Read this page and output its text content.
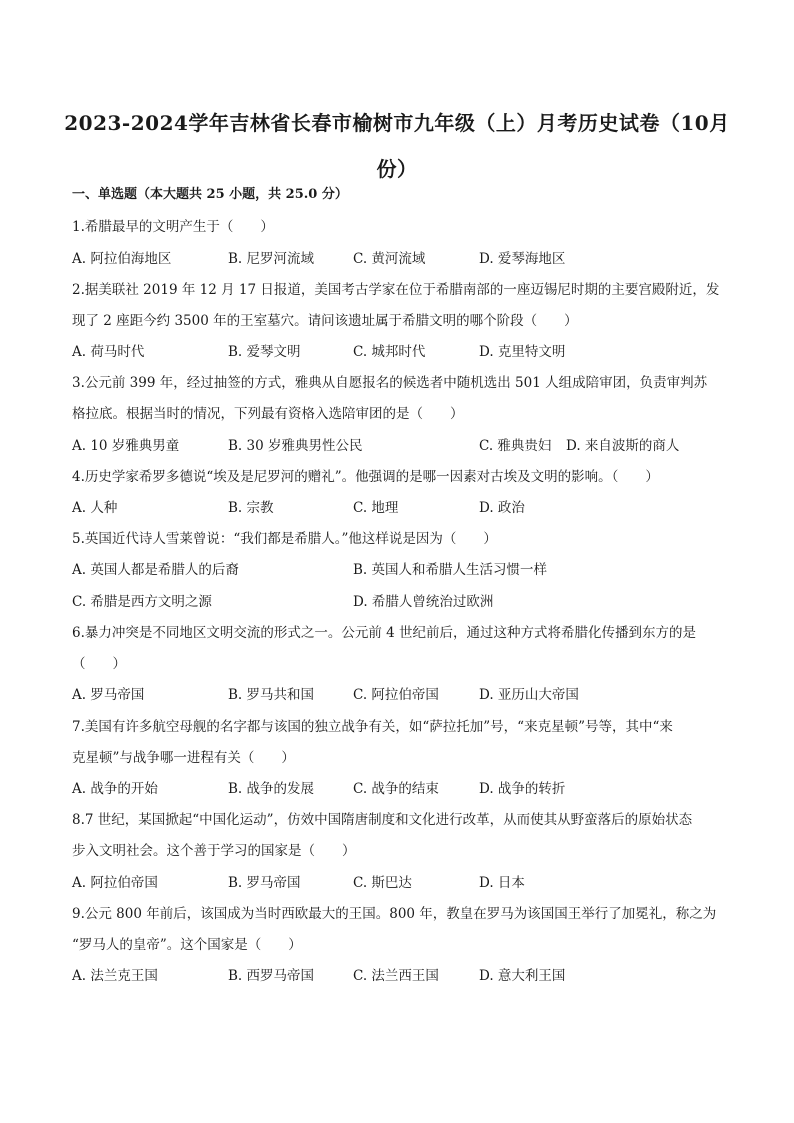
2023-2024学年吉林省长春市榆树市九年级（上）月考历史试卷（10月
份）
一、单选题（本大题共 25 小题，共 25.0 分）
1.希腊最早的文明产生于（　　）
A. 阿拉伯海地区	B. 尼罗河流域	C. 黄河流域	D. 爱琴海地区
2.据美联社 2019 年 12 月 17 日报道，美国考古学家在位于希腊南部的一座迈锡尼时期的主要宫殿附近，发
现了 2 座距今约 3500 年的王室墓穴。请问该遗址属于希腊文明的哪个阶段（　　）
A. 荷马时代	B. 爱琴文明	C. 城邦时代	D. 克里特文明
3.公元前 399 年，经过抽签的方式，雅典从自愿报名的候选者中随机选出 501 人组成陪审团，负责审判苏
格拉底。根据当时的情况，下列最有资格入选陪审团的是（　　）
A. 10 岁雅典男童	B. 30 岁雅典男性公民	C. 雅典贵妇 D. 来自波斯的商人
4.历史学家希罗多德说“埃及是尼罗河的赠礼”。他强调的是哪一因素对古埃及文明的影响。（　　）
A. 人种	B. 宗教	C. 地理	D. 政治
5.英国近代诗人雪莱曾说：“我们都是希腊人。”他这样说是因为（　　）
A. 英国人都是希腊人的后裔	B. 英国人和希腊人生活习惯一样
C. 希腊是西方文明之源	D. 希腊人曾统治过欧洲
6.暴力冲突是不同地区文明交流的形式之一。公元前 4 世纪前后，通过这种方式将希腊化传播到东方的是
（　　）
A. 罗马帝国	B. 罗马共和国	C. 阿拉伯帝国	D. 亚历山大帝国
7.美国有许多航空母舰的名字都与该国的独立战争有关，如“萨拉托加”号，“来克星顿”号等，其中“来
克星顿”与战争哪一进程有关（　　）
A. 战争的开始	B. 战争的发展	C. 战争的结束	D. 战争的转折
8.7 世纪，某国掀起“中国化运动”，仿效中国隋唐制度和文化进行改革，从而使其从野蛮落后的原始状态
步入文明社会。这个善于学习的国家是（　　）
A. 阿拉伯帝国	B. 罗马帝国	C. 斯巴达	D. 日本
9.公元 800 年前后，该国成为当时西欧最大的王国。800 年，教皇在罗马为该国国王举行了加冕礼，称之为
“罗马人的皇帝”。这个国家是（　　）
A. 法兰克王国	B. 西罗马帝国	C. 法兰西王国	D. 意大利王国
